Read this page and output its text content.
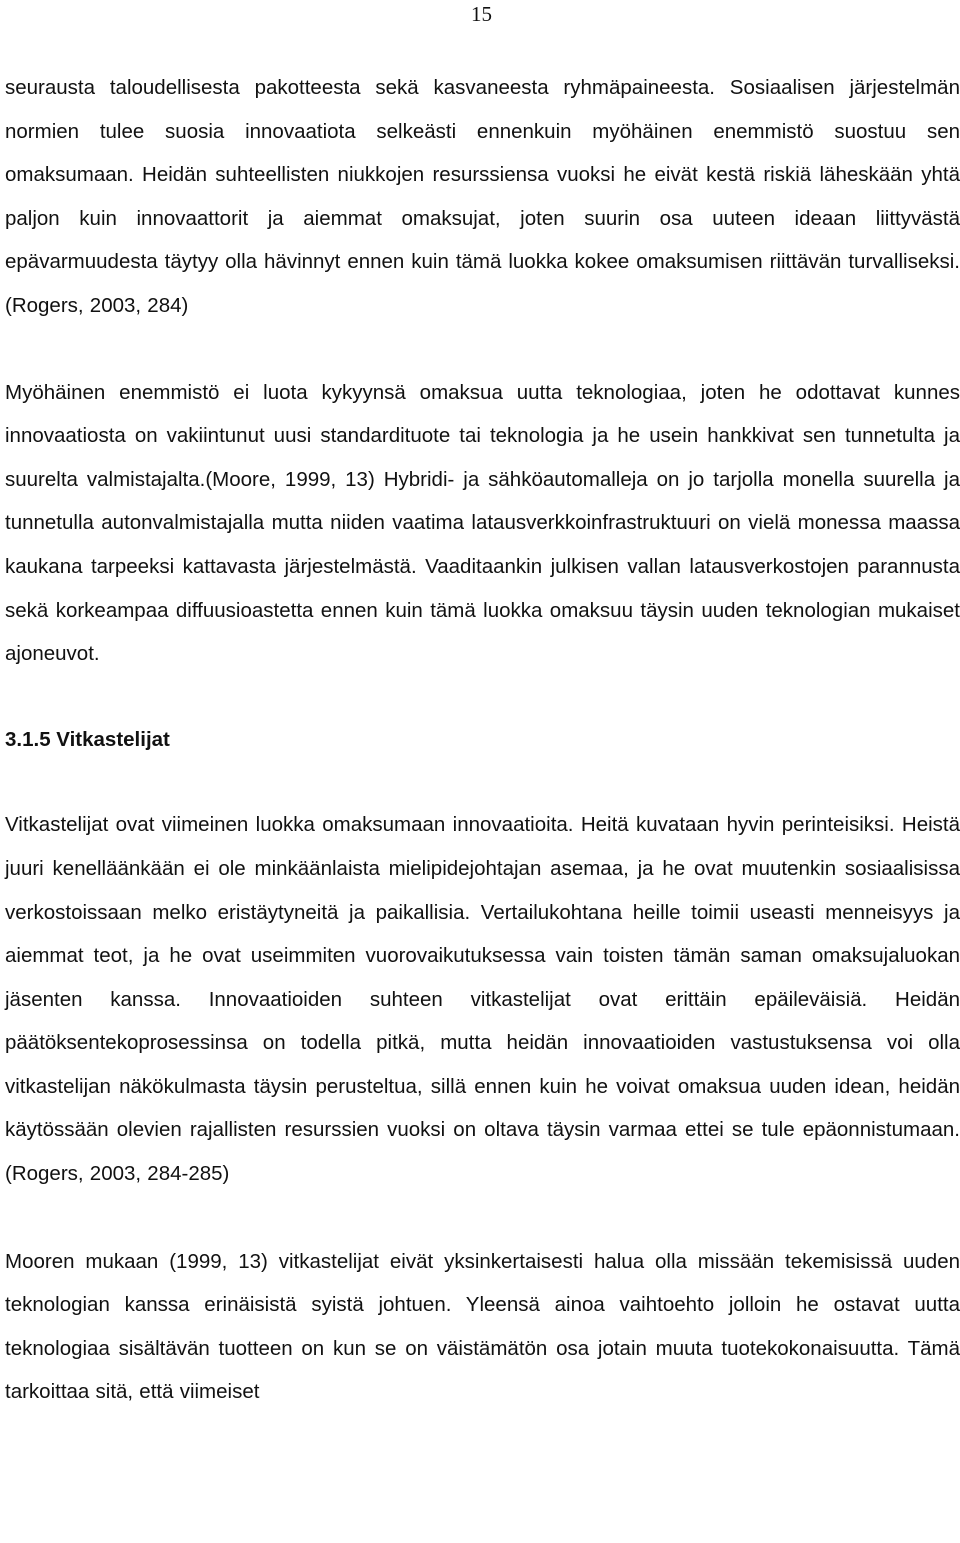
15

seurausta taloudellisesta pakotteesta sekä kasvaneesta ryhmäpaineesta. Sosiaalisen järjestelmän normien tulee suosia innovaatiota selkeästi ennenkuin myöhäinen enemmistö suostuu sen omaksumaan. Heidän suhteellisten niukkojen resurssiensa vuoksi he eivät kestä riskiä läheskään yhtä paljon kuin innovaattorit ja aiemmat omaksujat, joten suurin osa uuteen ideaan liittyvästä epävarmuudesta täytyy olla hävinnyt ennen kuin tämä luokka kokee omaksumisen riittävän turvalliseksi. (Rogers, 2003, 284)

Myöhäinen enemmistö ei luota kykyynsä omaksua uutta teknologiaa, joten he odottavat kunnes innovaatiosta on vakiintunut uusi standardituote tai teknologia ja he usein hankkivat sen tunnetulta ja suurelta valmistajalta.(Moore, 1999, 13) Hybridi- ja sähköautomalleja on jo tarjolla monella suurella ja tunnetulla autonvalmistajalla mutta niiden vaatima latausverkkoinfrastruktuuri on vielä monessa maassa kaukana tarpeeksi kattavasta järjestelmästä. Vaaditaankin julkisen vallan latausverkostojen parannusta sekä korkeampaa diffuusioastetta ennen kuin tämä luokka omaksuu täysin uuden teknologian mukaiset ajoneuvot.

3.1.5 Vitkastelijat

Vitkastelijat ovat viimeinen luokka omaksumaan innovaatioita. Heitä kuvataan hyvin perinteisiksi. Heistä juuri kenelläänkään ei ole minkäänlaista mielipidejohtajan asemaa, ja he ovat muutenkin sosiaalisissa verkostoissaan melko eristäytyneitä ja paikallisia. Vertailukohtana heille toimii useasti menneisyys ja aiemmat teot, ja he ovat useimmiten vuorovaikutuksessa vain toisten tämän saman omaksujaluokan jäsenten kanssa. Innovaatioiden suhteen vitkastelijat ovat erittäin epäileväisiä. Heidän päätöksentekoprosessinsa on todella pitkä, mutta heidän innovaatioiden vastustuksensa voi olla vitkastelijan näkökulmasta täysin perusteltua, sillä ennen kuin he voivat omaksua uuden idean, heidän käytössään olevien rajallisten resurssien vuoksi on oltava täysin varmaa ettei se tule epäonnistumaan. (Rogers, 2003, 284-285)

Mooren mukaan (1999, 13) vitkastelijat eivät yksinkertaisesti halua olla missään tekemisissä uuden teknologian kanssa erinäisistä syistä johtuen. Yleensä ainoa vaihtoehto jolloin he ostavat uutta teknologiaa sisältävän tuotteen on kun se on väistämätön osa jotain muuta tuotekokonaisuutta. Tämä tarkoittaa sitä, että viimeiset
